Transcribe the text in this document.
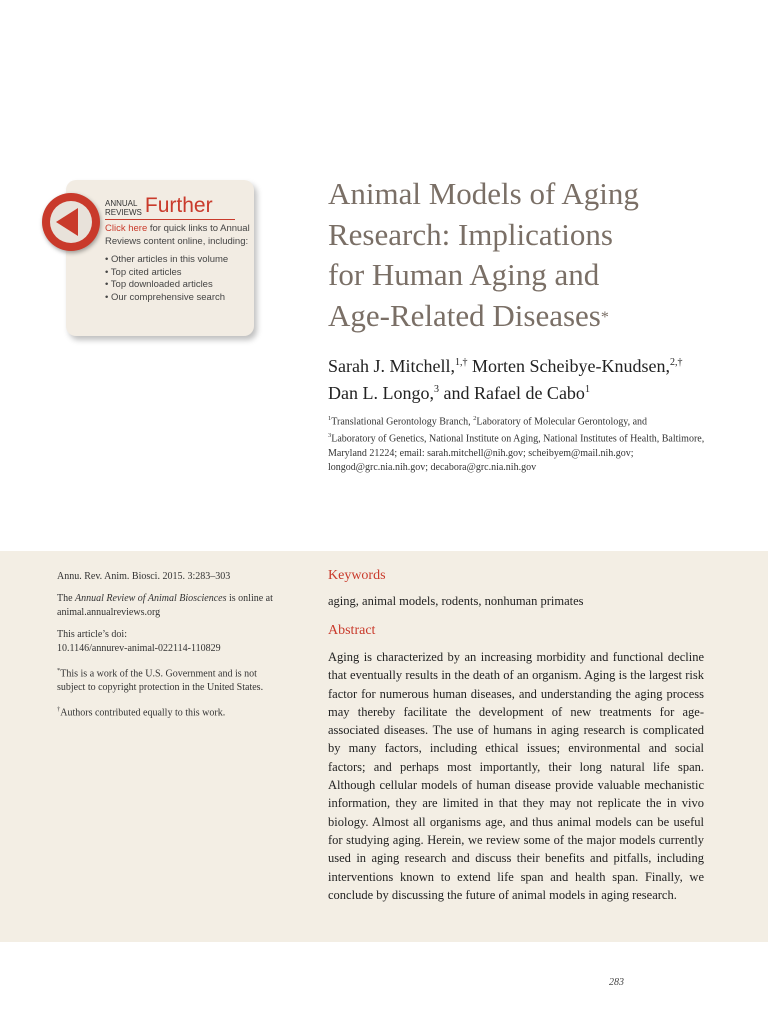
ANNUAL
REVIEWS Further
Click here for quick links to Annual Reviews content online, including:
• Other articles in this volume
• Top cited articles
• Top downloaded articles
• Our comprehensive search
Animal Models of Aging
Research: Implications
for Human Aging and
Age-Related Diseases*
Sarah J. Mitchell,$^{1,\dagger}$ Morten Scheibye-Knudsen,$^{2,\dagger}$
Dan L. Longo,$^3$ and Rafael de Cabo$^1$
$^1$Translational Gerontology Branch, $^2$Laboratory of Molecular Gerontology, and
$^3$Laboratory of Genetics, National Institute on Aging, National Institutes of Health, Baltimore, Maryland 21224; email: sarah.mitchell@nih.gov; scheibyem@mail.nih.gov; longod@grc.nia.nih.gov; decabora@grc.nia.nih.gov

Annu. Rev. Anim. Biosci. 2015. 3:283–303

The Annual Review of Animal Biosciences is online at animal.annualreviews.org

This article’s doi:
10.1146/annurev-animal-022114-110829

*This is a work of the U.S. Government and is not subject to copyright protection in the United States.

†Authors contributed equally to this work.

Keywords
aging, animal models, rodents, nonhuman primates
Abstract

Aging is characterized by an increasing morbidity and functional decline that eventually results in the death of an organism. Aging is the largest risk factor for numerous human diseases, and understanding the aging process may thereby facilitate the development of new treatments for age-associated diseases. The use of humans in aging research is complicated by many factors, including ethical issues; environmental and social factors; and perhaps most importantly, their long natural life span. Although cellular models of human disease provide valuable mechanistic information, they are limited in that they may not replicate the in vivo biology. Almost all organisms age, and thus animal models can be useful for studying aging. Herein, we review some of the major models currently used in aging research and discuss their benefits and pitfalls, including interventions known to extend life span and health span. Finally, we conclude by discussing the future of animal models in aging research.

283
